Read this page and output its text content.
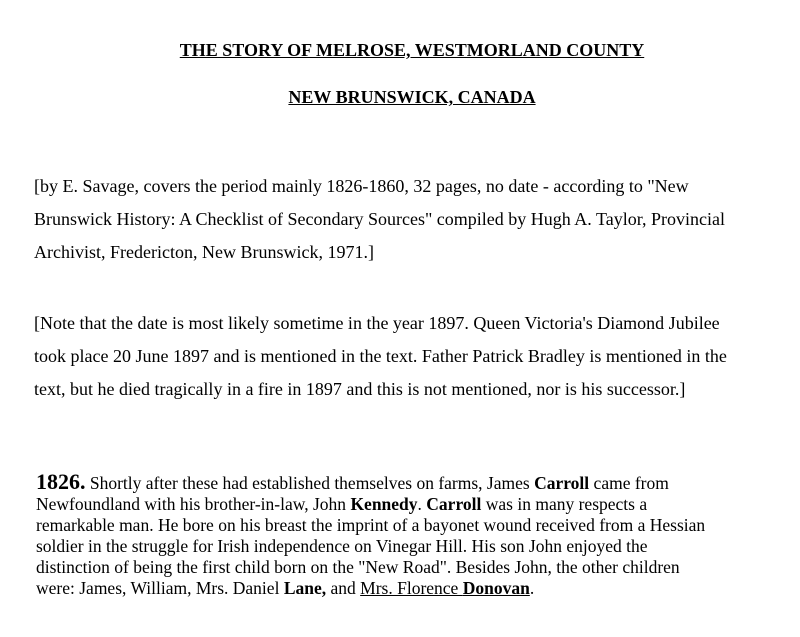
THE STORY OF MELROSE, WESTMORLAND COUNTY
NEW BRUNSWICK, CANADA
[by E. Savage, covers the period mainly 1826-1860, 32 pages, no date - according to "New
Brunswick History: A Checklist of Secondary Sources" compiled by Hugh A. Taylor, Provincial
Archivist, Fredericton, New Brunswick, 1971.]
[Note that the date is most likely sometime in the year 1897. Queen Victoria's Diamond Jubilee
took place 20 June 1897 and is mentioned in the text. Father Patrick Bradley is mentioned in the
text, but he died tragically in a fire in 1897 and this is not mentioned, nor is his successor.]
1826. Shortly after these had established themselves on farms, James Carroll came from
Newfoundland with his brother-in-law, John Kennedy. Carroll was in many respects a
remarkable man. He bore on his breast the imprint of a bayonet wound received from a Hessian
soldier in the struggle for Irish independence on Vinegar Hill. His son John enjoyed the
distinction of being the first child born on the "New Road". Besides John, the other children
were: James, William, Mrs. Daniel Lane, and Mrs. Florence Donovan.
